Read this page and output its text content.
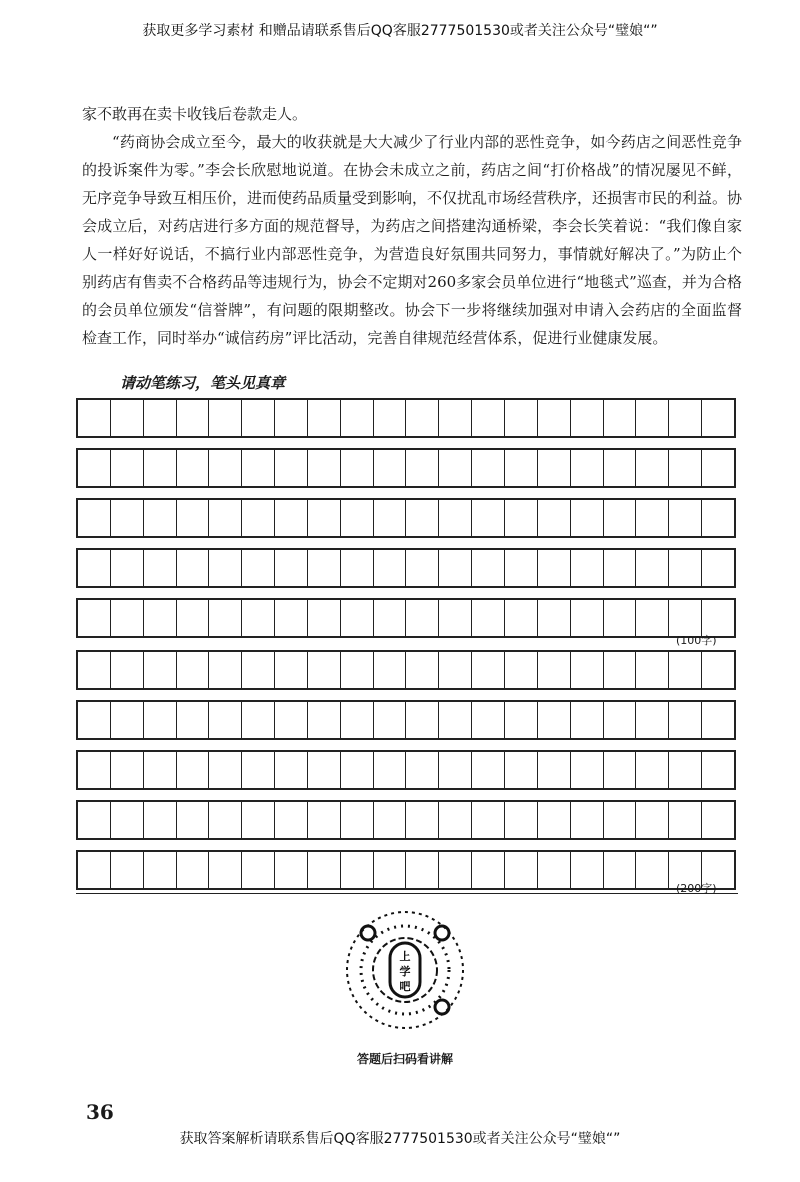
获取更多学习素材 和赠品请联系售后QQ客服2777501530或者关注公众号“璧娘“”

家不敢再在卖卡收钱后卷款走人。

“药商协会成立至今，最大的收获就是大大减少了行业内部的恶性竞争，如今药店之间恶性竞争的投诉案件为零。”李会长欣慰地说道。在协会未成立之前，药店之间“打价格战”的情况屡见不鲜，无序竞争导致互相压价，进而使药品质量受到影响，不仅扰乱市场经营秩序，还损害市民的利益。协会成立后，对药店进行多方面的规范督导，为药店之间搭建沟通桥梁，李会长笑着说：“我们像自家人一样好好说话，不搞行业内部恶性竞争，为营造良好氛围共同努力，事情就好解决了。”为防止个别药店有售卖不合格药品等违规行为，协会不定期对260多家会员单位进行“地毯式”巡查，并为合格的会员单位颁发“信誉牌”，有问题的限期整改。协会下一步将继续加强对申请入会药店的全面监督检查工作，同时举办“诚信药房”评比活动，完善自律规范经营体系，促进行业健康发展。

请动笔练习，笔头见真章
(100字)
(200字)
上
学
吧
答题后扫码看讲解
36
获取答案解析请联系售后QQ客服2777501530或者关注公众号“璧娘“”
